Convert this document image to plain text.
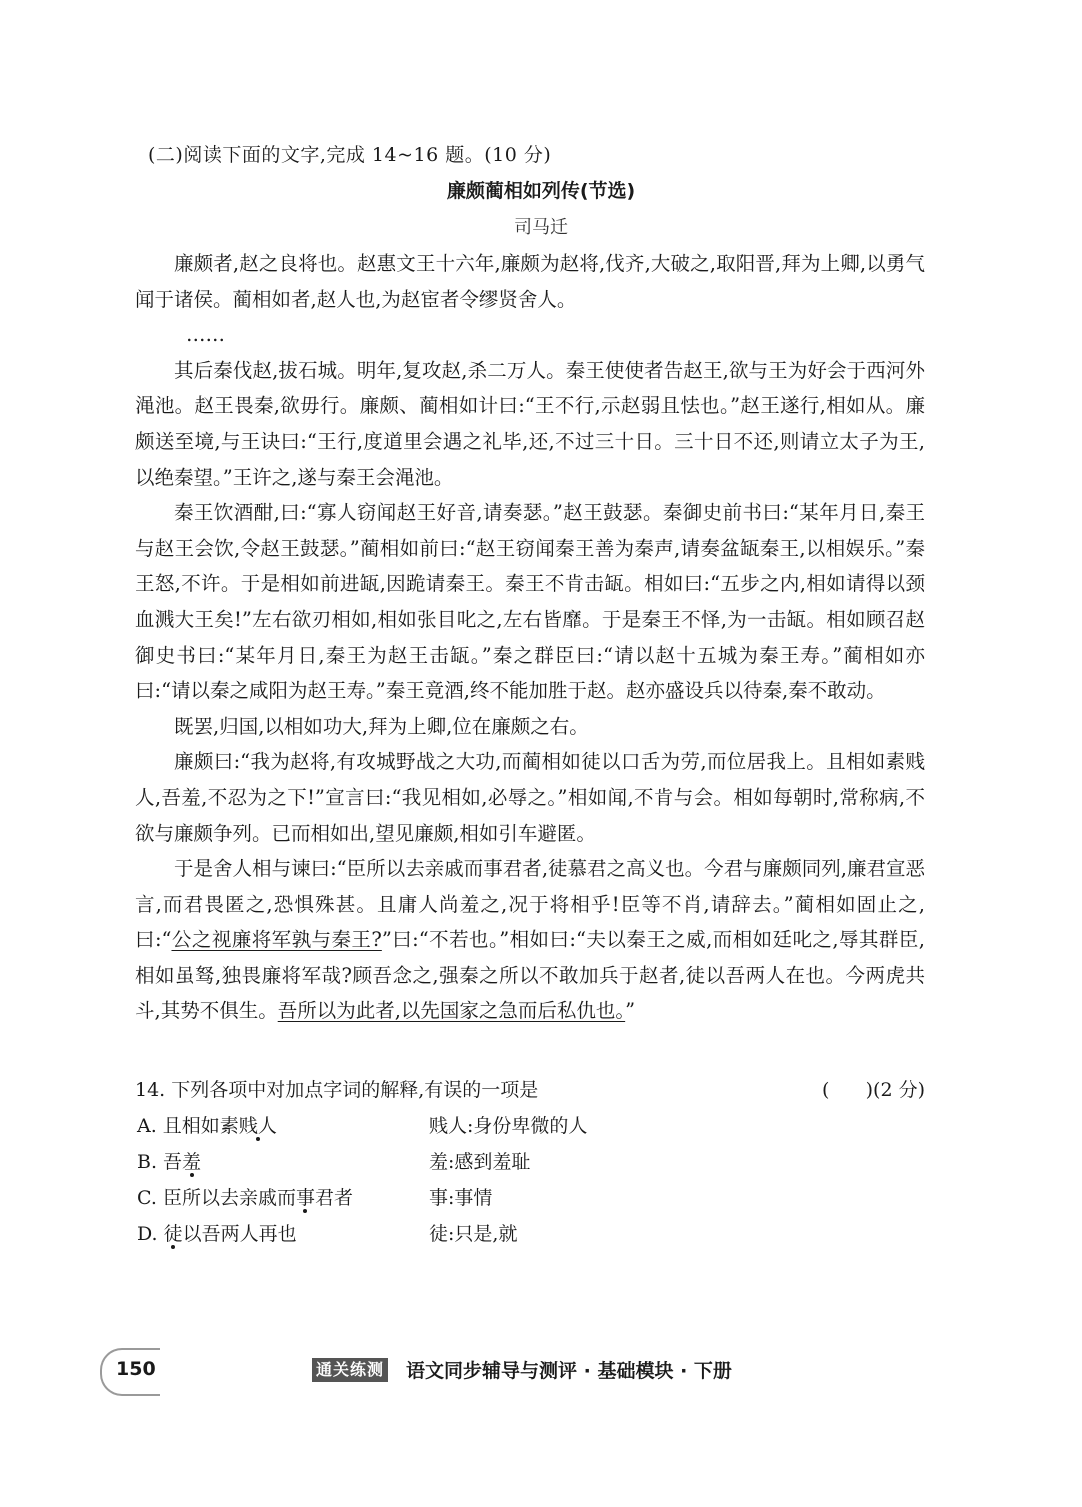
(二)阅读下面的文字,完成 14~16 题。(10 分)
廉颇蔺相如列传(节选)
司马迁

廉颇者,赵之良将也。赵惠文王十六年,廉颇为赵将,伐齐,大破之,取阳晋,拜为上卿,以勇气闻于诸侯。蔺相如者,赵人也,为赵宦者令缪贤舍人。

……

其后秦伐赵,拔石城。明年,复攻赵,杀二万人。秦王使使者告赵王,欲与王为好会于西河外渑池。赵王畏秦,欲毋行。廉颇、蔺相如计曰:“王不行,示赵弱且怯也。”赵王遂行,相如从。廉颇送至境,与王诀曰:“王行,度道里会遇之礼毕,还,不过三十日。三十日不还,则请立太子为王,以绝秦望。”王许之,遂与秦王会渑池。

秦王饮酒酣,曰:“寡人窃闻赵王好音,请奏瑟。”赵王鼓瑟。秦御史前书曰:“某年月日,秦王与赵王会饮,令赵王鼓瑟。”蔺相如前曰:“赵王窃闻秦王善为秦声,请奏盆缻秦王,以相娱乐。”秦王怒,不许。于是相如前进缻,因跪请秦王。秦王不肯击缻。相如曰:“五步之内,相如请得以颈血溅大王矣!”左右欲刃相如,相如张目叱之,左右皆靡。于是秦王不怿,为一击缻。相如顾召赵御史书曰:“某年月日,秦王为赵王击缻。”秦之群臣曰:“请以赵十五城为秦王寿。”蔺相如亦曰:“请以秦之咸阳为赵王寿。”秦王竟酒,终不能加胜于赵。赵亦盛设兵以待秦,秦不敢动。

既罢,归国,以相如功大,拜为上卿,位在廉颇之右。

廉颇曰:“我为赵将,有攻城野战之大功,而蔺相如徒以口舌为劳,而位居我上。且相如素贱人,吾羞,不忍为之下!”宣言曰:“我见相如,必辱之。”相如闻,不肯与会。相如每朝时,常称病,不欲与廉颇争列。已而相如出,望见廉颇,相如引车避匿。

于是舍人相与谏曰:“臣所以去亲戚而事君者,徒慕君之高义也。今君与廉颇同列,廉君宣恶言,而君畏匿之,恐惧殊甚。且庸人尚羞之,况于将相乎!臣等不肖,请辞去。”蔺相如固止之,曰:“公之视廉将军孰与秦王?”曰:“不若也。”相如曰:“夫以秦王之威,而相如廷叱之,辱其群臣,相如虽驽,独畏廉将军哉?顾吾念之,强秦之所以不敢加兵于赵者,徒以吾两人在也。今两虎共斗,其势不俱生。吾所以为此者,以先国家之急而后私仇也。”

14. 下列各项中对加点字词的解释,有误的一项是	(      )(2 分)
A. 且相如素贱人	贱人:身份卑微的人
B. 吾羞	羞:感到羞耻
C. 臣所以去亲戚而事君者	事:事情
D. 徒以吾两人再也	徒:只是,就
150	通关练测 语文同步辅导与测评 · 基础模块 · 下册
